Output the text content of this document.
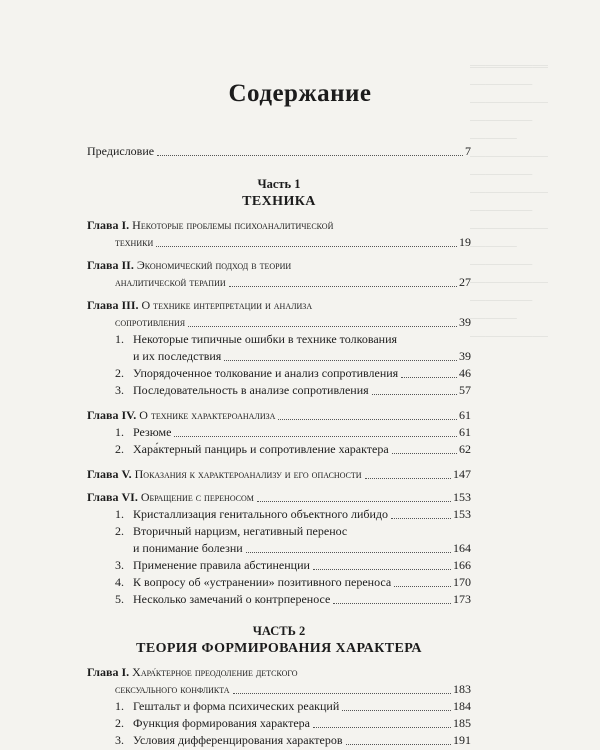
══════════
────────
──────────
────────
──────
──────────
────────
──────────
────────
──────────
──────
────────
──────────
────────
──────
──────────
Содержание
Предисловие	7
Часть 1
ТЕХНИКА
Глава I. Некоторые проблемы психоаналитической
техники	19
Глава II. Экономический подход в теории
аналитической терапии	27
Глава III. О технике интерпретации и анализа
сопротивления	39
1. Некоторые типичные ошибки в технике толкования
и их последствия	39
2. Упорядоченное толкование и анализ сопротивления	46
3. Последовательность в анализе сопротивления	57
Глава IV. О технике характероанализа	61
1. Резюме	61
2. Хара́ктерный панцирь и сопротивление характера	62
Глава V. Показания к характероанализу и его опасности	147
Глава VI. Обращение с переносом	153
1. Кристаллизация генитального объектного либидо	153
2. Вторичный нарцизм, негативный перенос
и понимание болезни	164
3. Применение правила абстиненции	166
4. К вопросу об «устранении» позитивного переноса	170
5. Несколько замечаний о контрпереносе	173
ЧАСТЬ 2
ТЕОРИЯ ФОРМИРОВАНИЯ ХАРАКТЕРА
Глава I. Хара́ктерное преодоление детского
сексуального конфликта	183
1. Гештальт и форма психических реакций	184
2. Функция формирования характера	185
3. Условия дифференцирования характеров	191
